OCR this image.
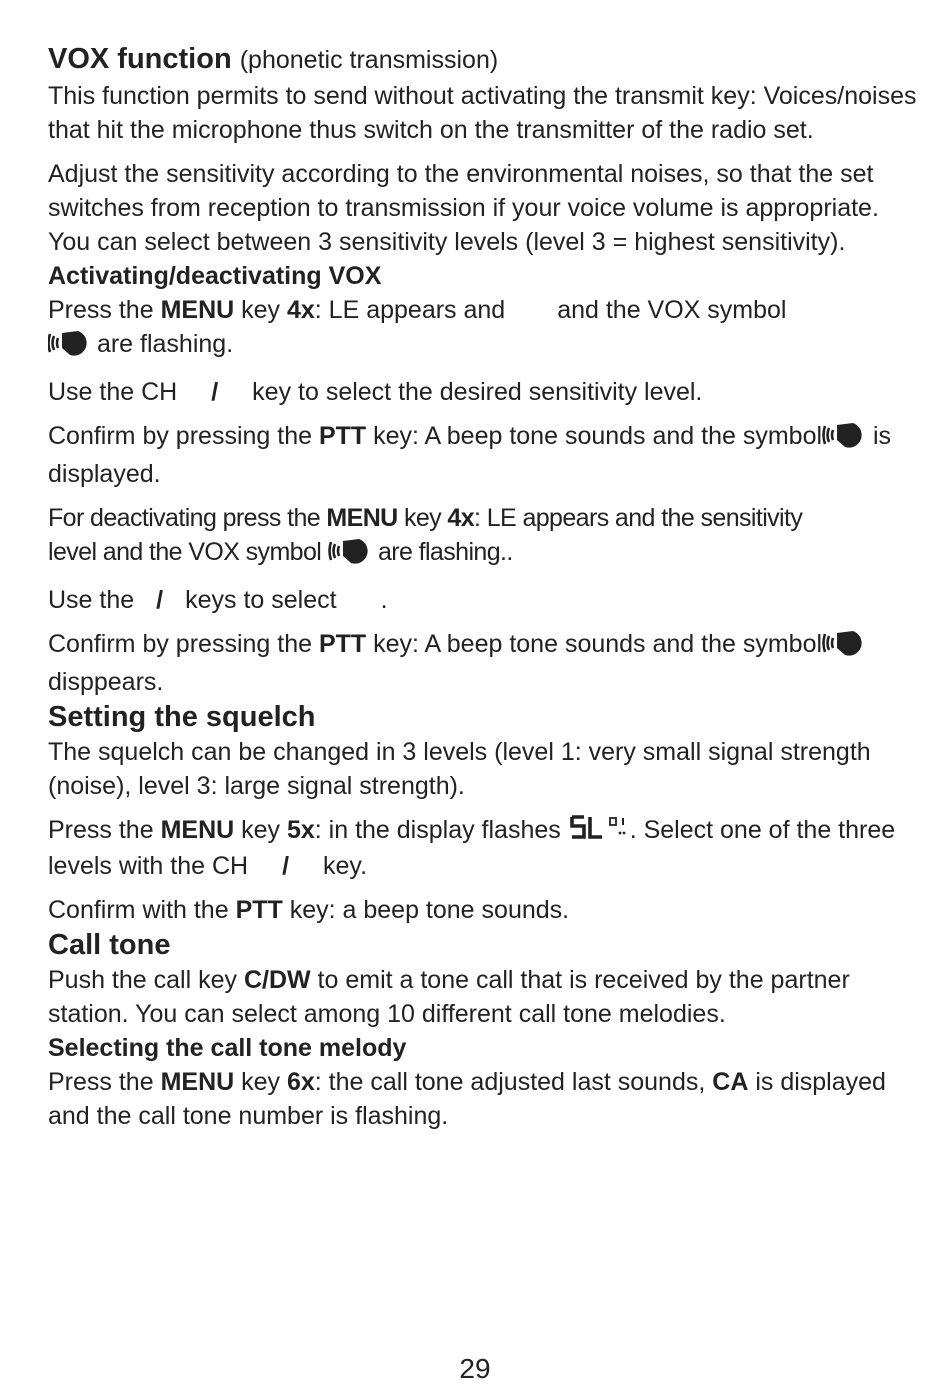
VOX function (phonetic transmission)

This function permits to send without activating the transmit key: Voices/noises that hit the microphone thus switch on the transmitter of the radio set.

Adjust the sensitivity according to the environmental noises, so that the set switches from reception to transmission if your voice volume is appropriate. You can select between 3 sensitivity levels (level 3 = highest sensitivity).

Activating/deactivating VOX

Press the MENU key 4x: LE appears and and the VOX symbol
are flashing.

Use the CH / key to select the desired sensitivity level.

Confirm by pressing the PTT key: A beep tone sounds and the symbol is displayed.

For deactivating press the MENU key 4x: LE appears and the sensitivity
level and the VOX symbol  are flashing..

Use the / keys to select .

Confirm by pressing the PTT key: A beep tone sounds and the symbol disppears.

Setting the squelch

The squelch can be changed in 3 levels (level 1: very small signal strength (noise), level 3: large signal strength).

Press the MENU key 5x: in the display flashes . Select one of the three levels with the CH / key.

Confirm with the PTT key: a beep tone sounds.

Call tone

Push the call key C/DW to emit a tone call that is received by the partner station. You can select among 10 different call tone melodies.

Selecting the call tone melody

Press the MENU key 6x: the call tone adjusted last sounds, CA is displayed and the call tone number is flashing.

29
